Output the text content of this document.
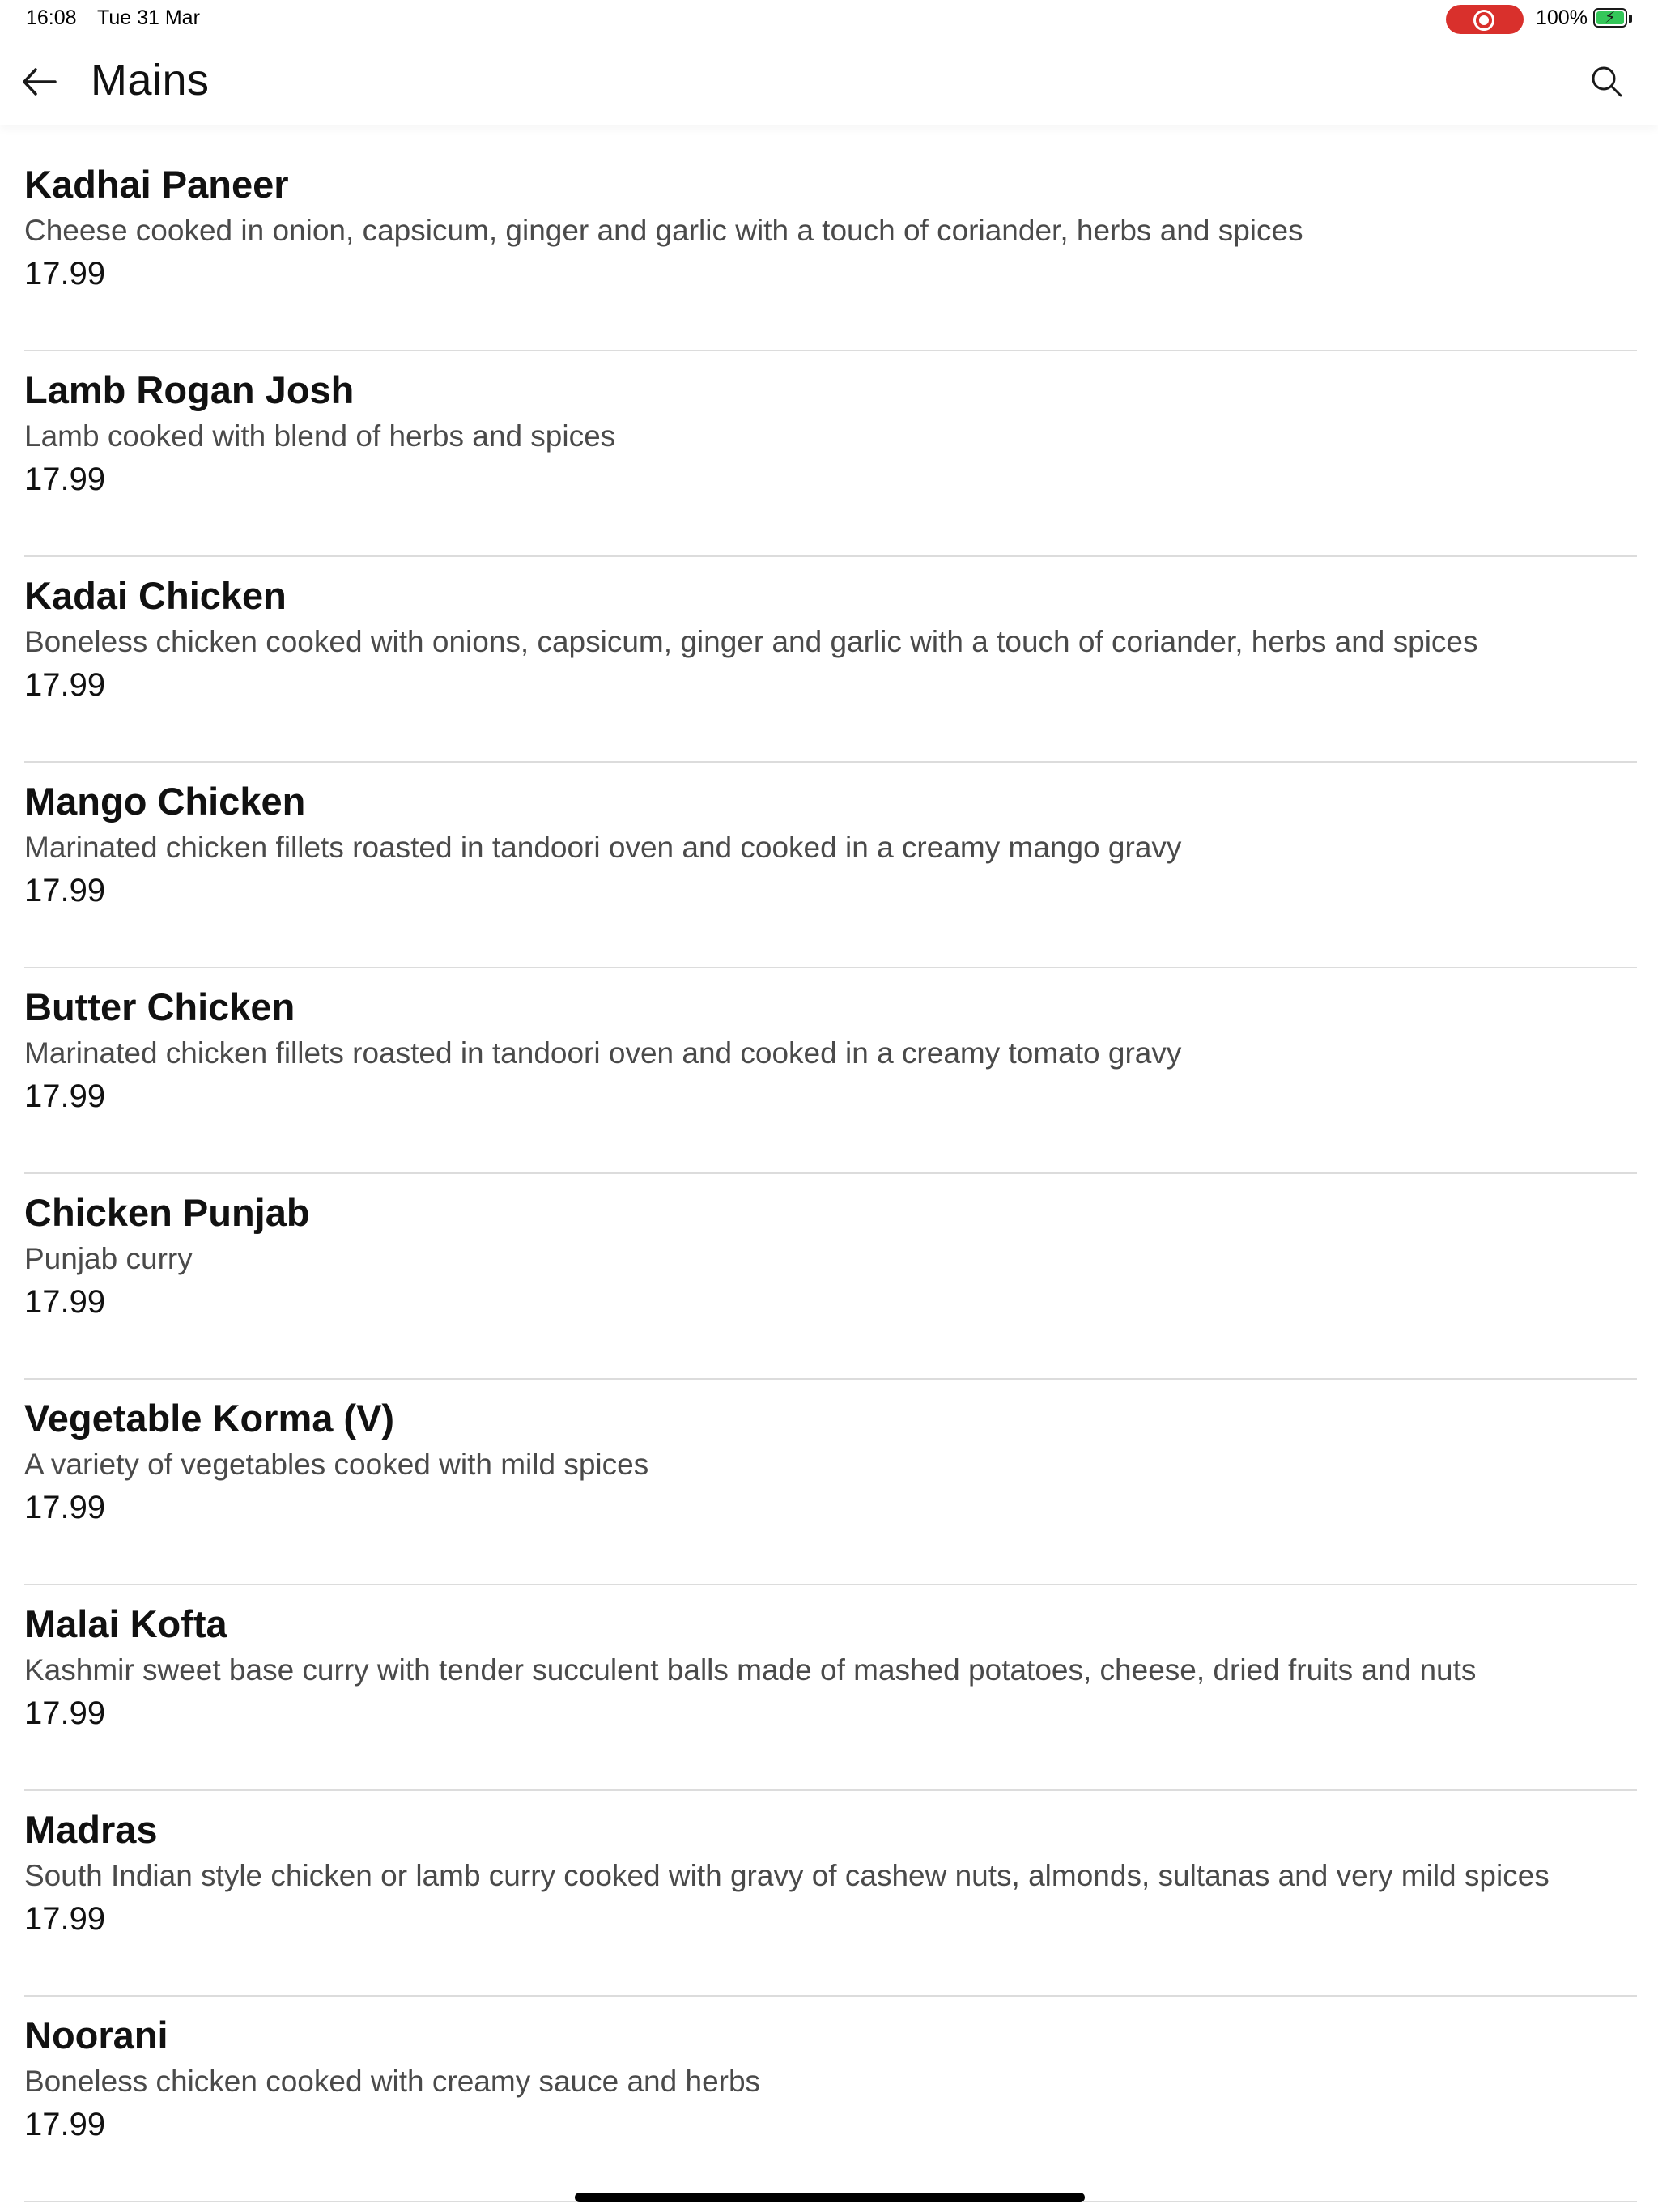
16:08 Tue 31 Mar	100% ⚡
Mains
Kadhai Paneer
Cheese cooked in onion, capsicum, ginger and garlic with a touch of coriander, herbs and spices
17.99
Lamb Rogan Josh
Lamb cooked with blend of herbs and spices
17.99
Kadai Chicken
Boneless chicken cooked with onions, capsicum, ginger and garlic with a touch of coriander, herbs and spices
17.99
Mango Chicken
Marinated chicken fillets roasted in tandoori oven and cooked in a creamy mango gravy
17.99
Butter Chicken
Marinated chicken fillets roasted in tandoori oven and cooked in a creamy tomato gravy
17.99
Chicken Punjab
Punjab curry
17.99
Vegetable Korma (V)
A variety of vegetables cooked with mild spices
17.99
Malai Kofta
Kashmir sweet base curry with tender succulent balls made of mashed potatoes, cheese, dried fruits and nuts
17.99
Madras
South Indian style chicken or lamb curry cooked with gravy of cashew nuts, almonds, sultanas and very mild spices
17.99
Noorani
Boneless chicken cooked with creamy sauce and herbs
17.99
